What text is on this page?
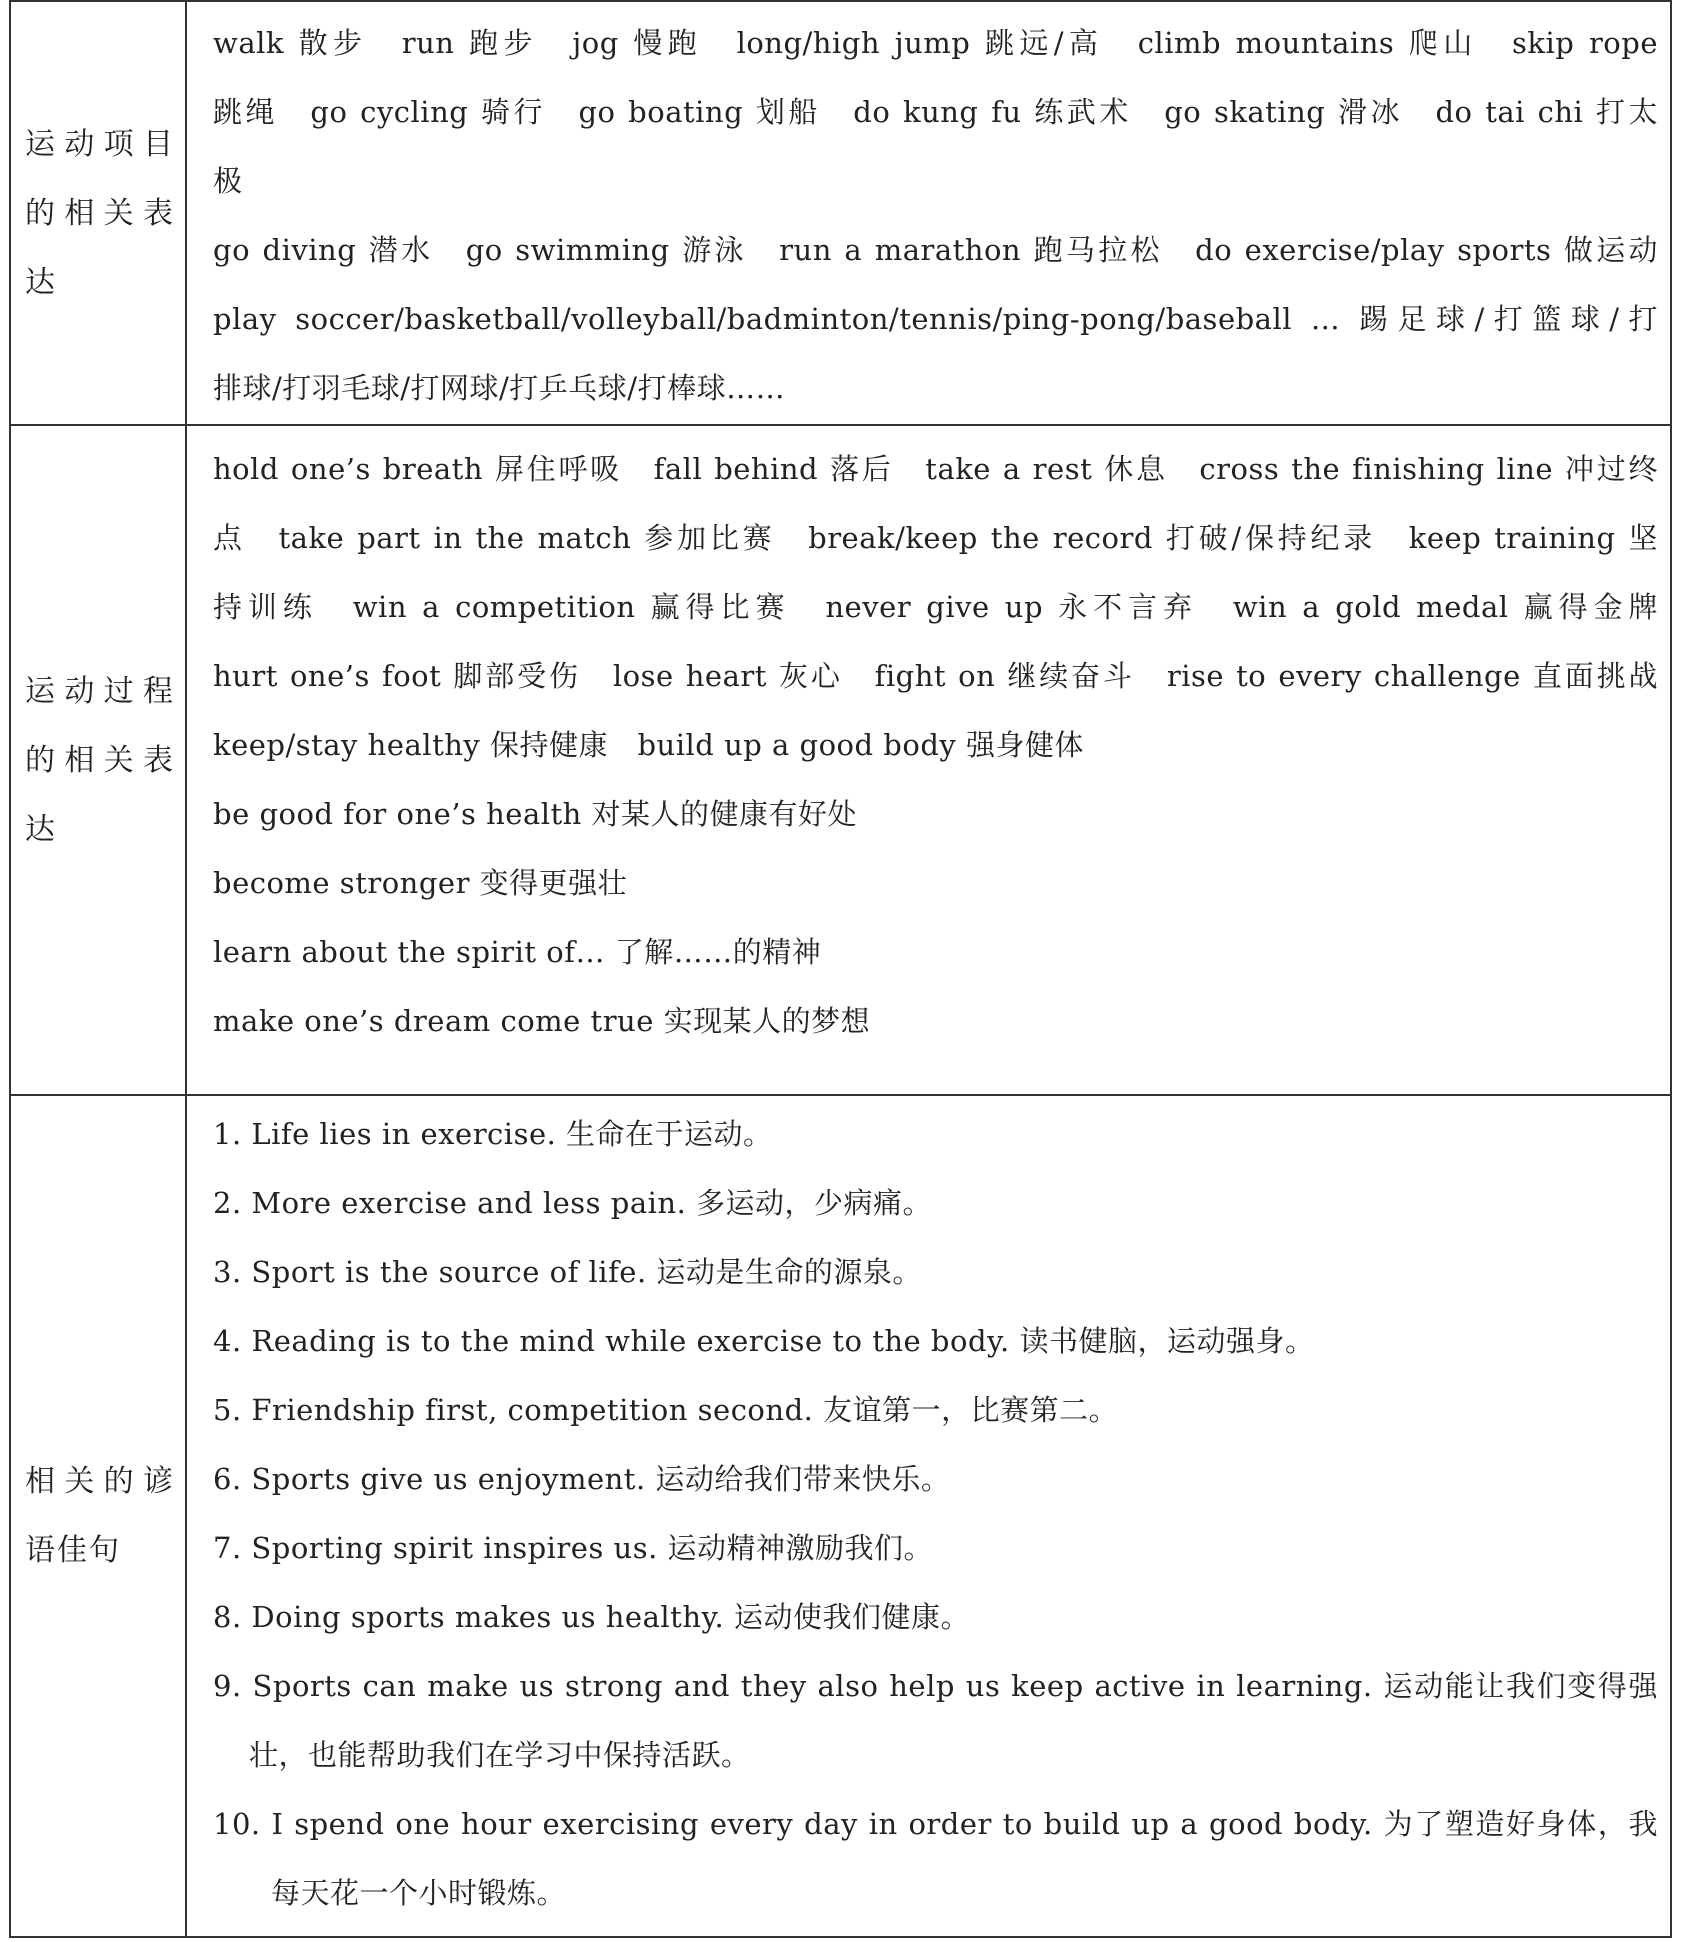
运动项目的相关表达
walk 散步　run 跑步　jog 慢跑　long/high jump 跳远/高　climb mountains 爬山　skip rope
跳绳　go cycling 骑行　go boating 划船　do kung fu 练武术　go skating 滑冰　do tai chi 打太
极
go diving 潜水　go swimming 游泳　run a marathon 跑马拉松　do exercise/play sports 做运动
play soccer/basketball/volleyball/badminton/tennis/ping-pong/baseball … 踢足球/打篮球/打
排球/打羽毛球/打网球/打乒乓球/打棒球……
运动过程的相关表达
hold one’s breath 屏住呼吸　fall behind 落后　take a rest 休息　cross the finishing line 冲过终
点　take part in the match 参加比赛　break/keep the record 打破/保持纪录　keep training 坚
持训练　win a competition 赢得比赛　never give up 永不言弃　win a gold medal 赢得金牌
hurt one’s foot 脚部受伤　lose heart 灰心　fight on 继续奋斗　rise to every challenge 直面挑战
keep/stay healthy 保持健康　build up a good body 强身健体
be good for one’s health 对某人的健康有好处
become stronger 变得更强壮
learn about the spirit of… 了解……的精神
make one’s dream come true 实现某人的梦想
相关的谚语佳句
1. Life lies in exercise. 生命在于运动。
2. More exercise and less pain. 多运动，少病痛。
3. Sport is the source of life. 运动是生命的源泉。
4. Reading is to the mind while exercise to the body. 读书健脑，运动强身。
5. Friendship first, competition second. 友谊第一，比赛第二。
6. Sports give us enjoyment. 运动给我们带来快乐。
7. Sporting spirit inspires us. 运动精神激励我们。
8. Doing sports makes us healthy. 运动使我们健康。
9. Sports can make us strong and they also help us keep active in learning. 运动能让我们变得强
壮，也能帮助我们在学习中保持活跃。
10. I spend one hour exercising every day in order to build up a good body. 为了塑造好身体，我
每天花一个小时锻炼。
